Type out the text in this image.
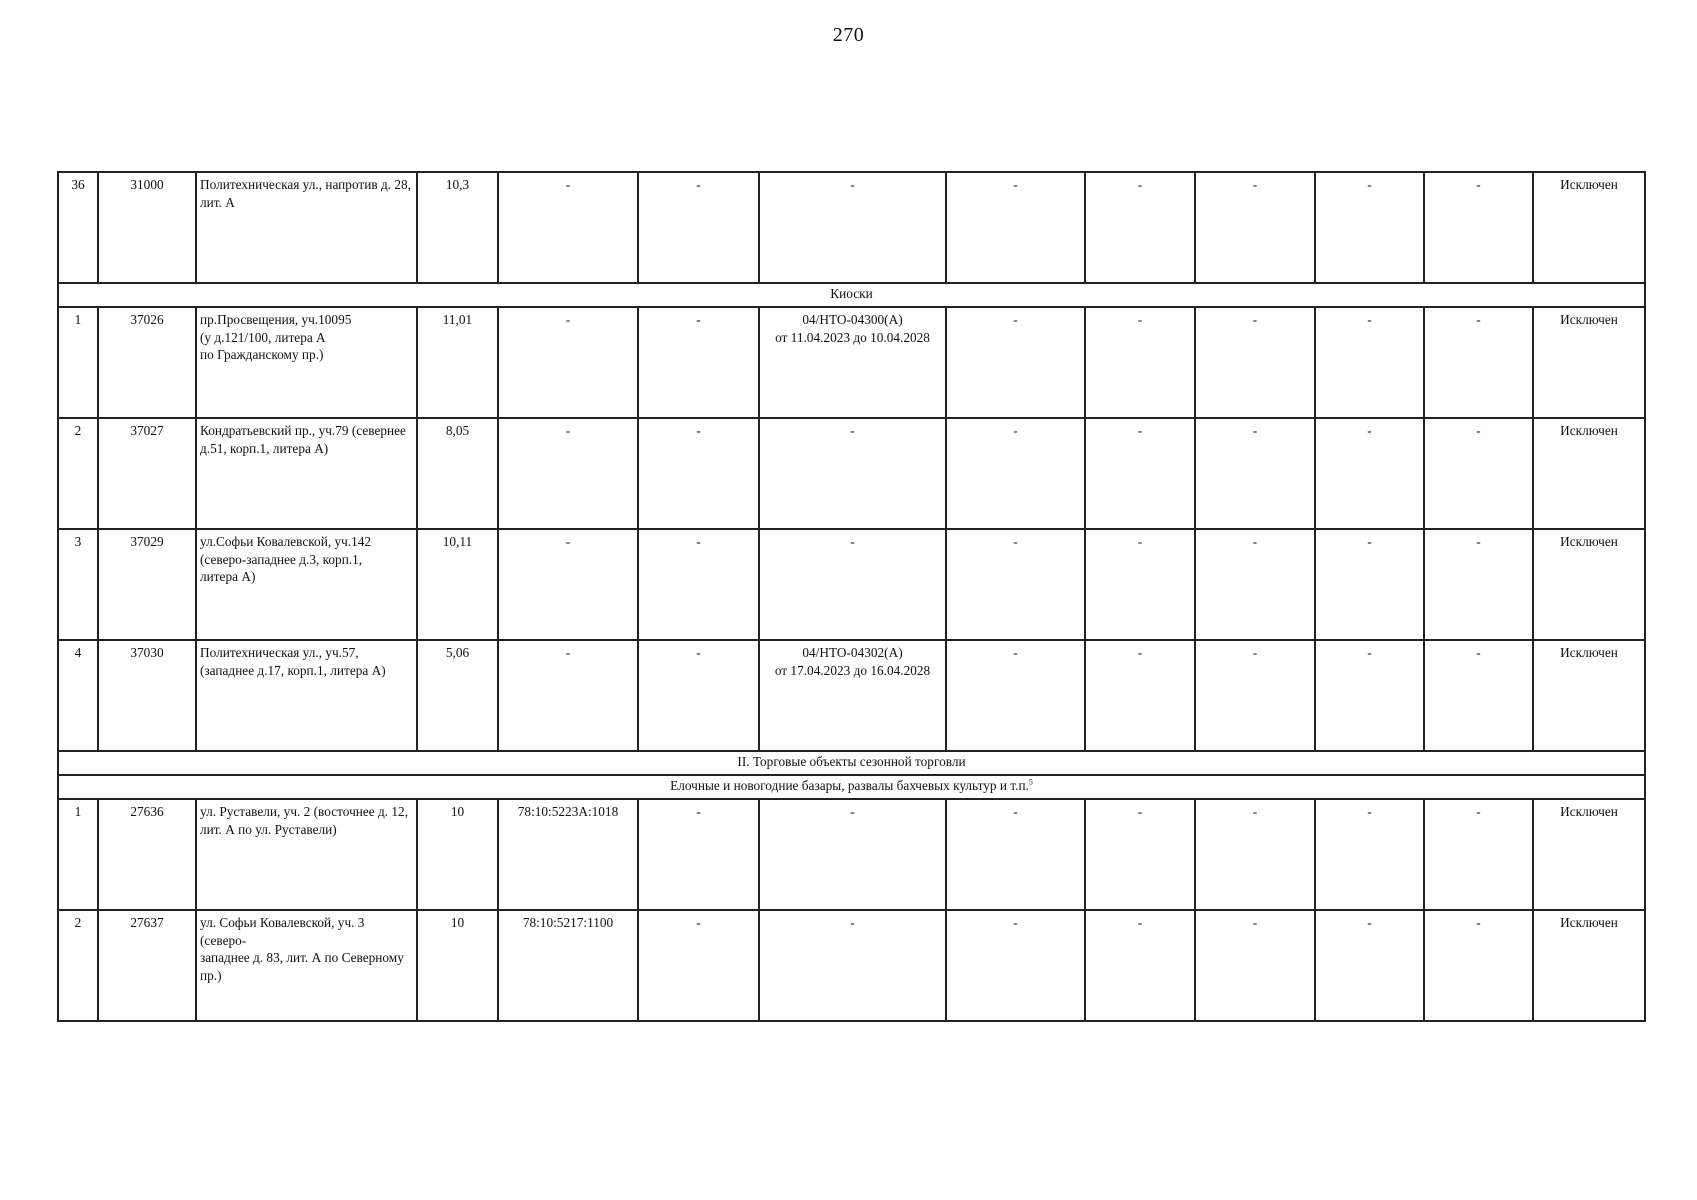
270
36	31000	Политехническая ул., напротив д. 28,
лит. А	10,3	-	-	-	-	-	-	-	-	Исключен
Киоски												
1	37026	пр.Просвещения, уч.10095
(у д.121/100, литера А
по Гражданскому пр.)	11,01	-	-	04/НТО-04300(А)
от 11.04.2023 до 10.04.2028	-	-	-	-	-	Исключен
2	37027	Кондратьевский пр., уч.79 (севернее
д.51, корп.1, литера А)	8,05	-	-	-	-	-	-	-	-	Исключен
3	37029	ул.Софьи Ковалевской, уч.142
(северо-западнее д.3, корп.1,
литера А)	10,11	-	-	-	-	-	-	-	-	Исключен
4	37030	Политехническая ул., уч.57,
(западнее д.17, корп.1, литера А)	5,06	-	-	04/НТО-04302(А)
от 17.04.2023 до 16.04.2028	-	-	-	-	-	Исключен
II. Торговые объекты сезонной торговли												
Елочные и новогодние базары, развалы бахчевых культур и т.п.$^5$
1	27636	ул. Руставели, уч. 2 (восточнее д. 12,
лит. А по ул. Руставели)	10	78:10:5223А:1018	-	-	-	-	-	-	-	Исключен
2	27637	ул. Софьи Ковалевской, уч. 3 (северо-
западнее д. 83, лит. А по Северному
пр.)	10	78:10:5217:1100	-	-	-	-	-	-	-	Исключен
